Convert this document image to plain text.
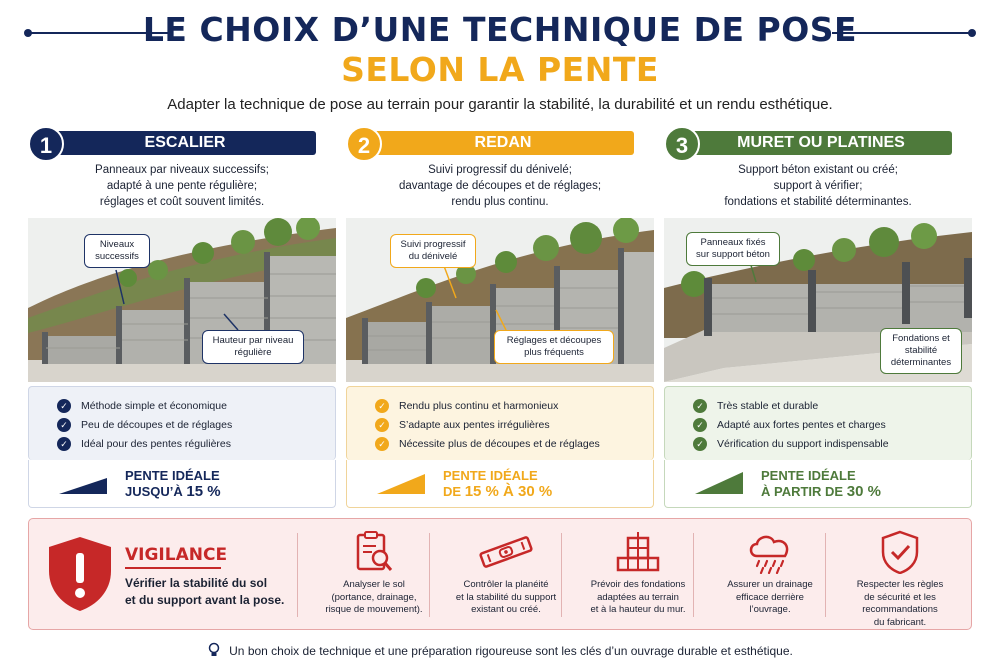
LE CHOIX D’UNE TECHNIQUE DE POSE
SELON LA PENTE
Adapter la technique de pose au terrain pour garantir la stabilité, la durabilité et un rendu esthétique.
1	ESCALIER
Panneaux par niveaux successifs;
adapté à une pente régulière;
réglages et coût souvent limités.
Niveaux successifs
Hauteur par niveau régulière
✓	Méthode simple et économique
✓	Peu de découpes et de réglages
✓	Idéal pour des pentes régulières
PENTE IDÉALE
JUSQU’À 15 %
2	REDAN
Suivi progressif du dénivelé;
davantage de découpes et de réglages;
rendu plus continu.
Suivi progressif du dénivelé
Réglages et découpes plus fréquents
✓	Rendu plus continu et harmonieux
✓	S’adapte aux pentes irrégulières
✓	Nécessite plus de découpes et de réglages
PENTE IDÉALE
DE 15 % À 30 %
3	MURET OU PLATINES
Support béton existant ou créé;
support à vérifier;
fondations et stabilité déterminantes.
Panneaux fixés sur support béton
Fondations et stabilité déterminantes
✓	Très stable et durable
✓	Adapté aux fortes pentes et charges
✓	Vérification du support indispensable
PENTE IDÉALE
À PARTIR DE 30 %
VIGILANCE
Vérifier la stabilité du sol
et du support avant la pose.
Analyser le sol
(portance, drainage,
risque de mouvement).
Contrôler la planéité
et la stabilité du support
existant ou créé.
Prévoir des fondations
adaptées au terrain
et à la hauteur du mur.
Assurer un drainage
efficace derrière
l’ouvrage.
Respecter les règles
de sécurité et les
recommandations
du fabricant.
Un bon choix de technique et une préparation rigoureuse sont les clés d’un ouvrage durable et esthétique.
